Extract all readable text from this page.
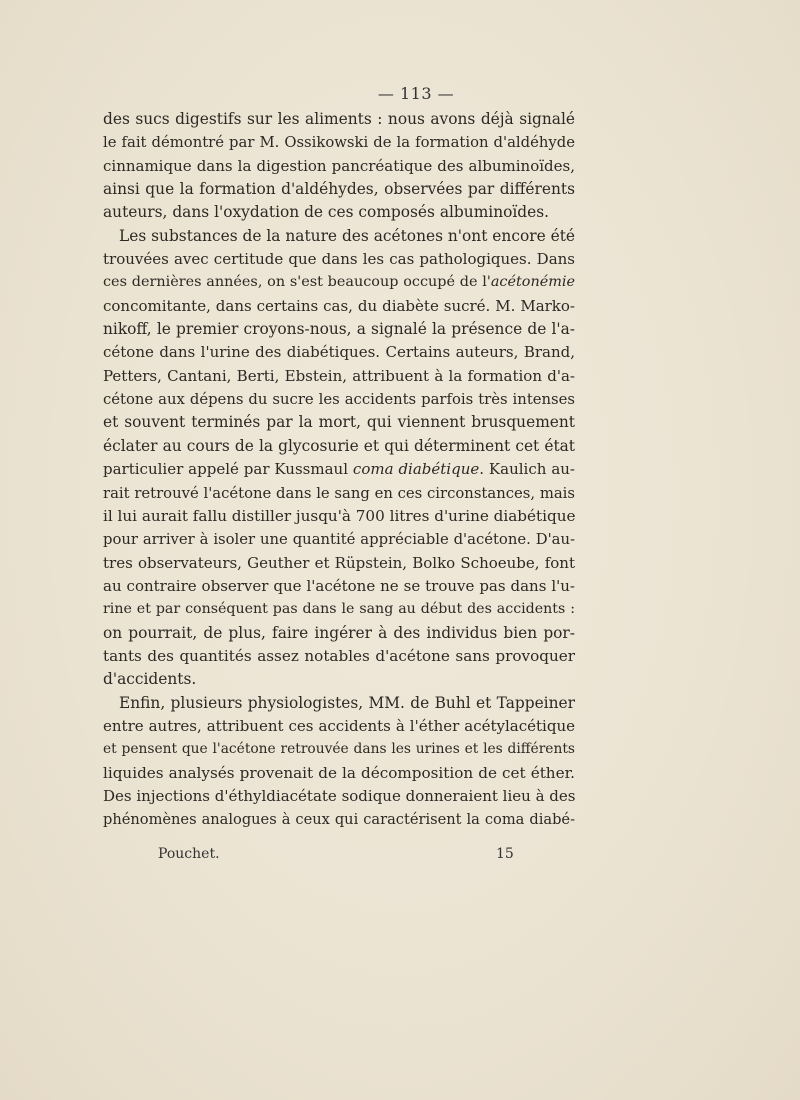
— 113 —
des sucs digestifs sur les aliments : nous avons déjà signalé
le fait démontré par M. Ossikowski de la formation d'aldéhyde
cinnamique dans la digestion pancréatique des albuminoïdes,
ainsi que la formation d'aldéhydes, observées par différents
auteurs, dans l'oxydation de ces composés albuminoïdes.
Les substances de la nature des acétones n'ont encore été
trouvées avec certitude que dans les cas pathologiques. Dans
ces dernières années, on s'est beaucoup occupé de l'acétonémie
concomitante, dans certains cas, du diabète sucré. M. Marko-
nikoff, le premier croyons-nous, a signalé la présence de l'a-
cétone dans l'urine des diabétiques. Certains auteurs, Brand,
Petters, Cantani, Berti, Ebstein, attribuent à la formation d'a-
cétone aux dépens du sucre les accidents parfois très intenses
et souvent terminés par la mort, qui viennent brusquement
éclater au cours de la glycosurie et qui déterminent cet état
particulier appelé par Kussmaul coma diabétique. Kaulich au-
rait retrouvé l'acétone dans le sang en ces circonstances, mais
il lui aurait fallu distiller jusqu'à 700 litres d'urine diabétique
pour arriver à isoler une quantité appréciable d'acétone. D'au-
tres observateurs, Geuther et Rüpstein, Bolko Schoeube, font
au contraire observer que l'acétone ne se trouve pas dans l'u-
rine et par conséquent pas dans le sang au début des accidents :
on pourrait, de plus, faire ingérer à des individus bien por-
tants des quantités assez notables d'acétone sans provoquer
d'accidents.
Enfin, plusieurs physiologistes, MM. de Buhl et Tappeiner
entre autres, attribuent ces accidents à l'éther acétylacétique
et pensent que l'acétone retrouvée dans les urines et les différents
liquides analysés provenait de la décomposition de cet éther.
Des injections d'éthyldiacétate sodique donneraient lieu à des
phénomènes analogues à ceux qui caractérisent la coma diabé-
Pouchet.	15
